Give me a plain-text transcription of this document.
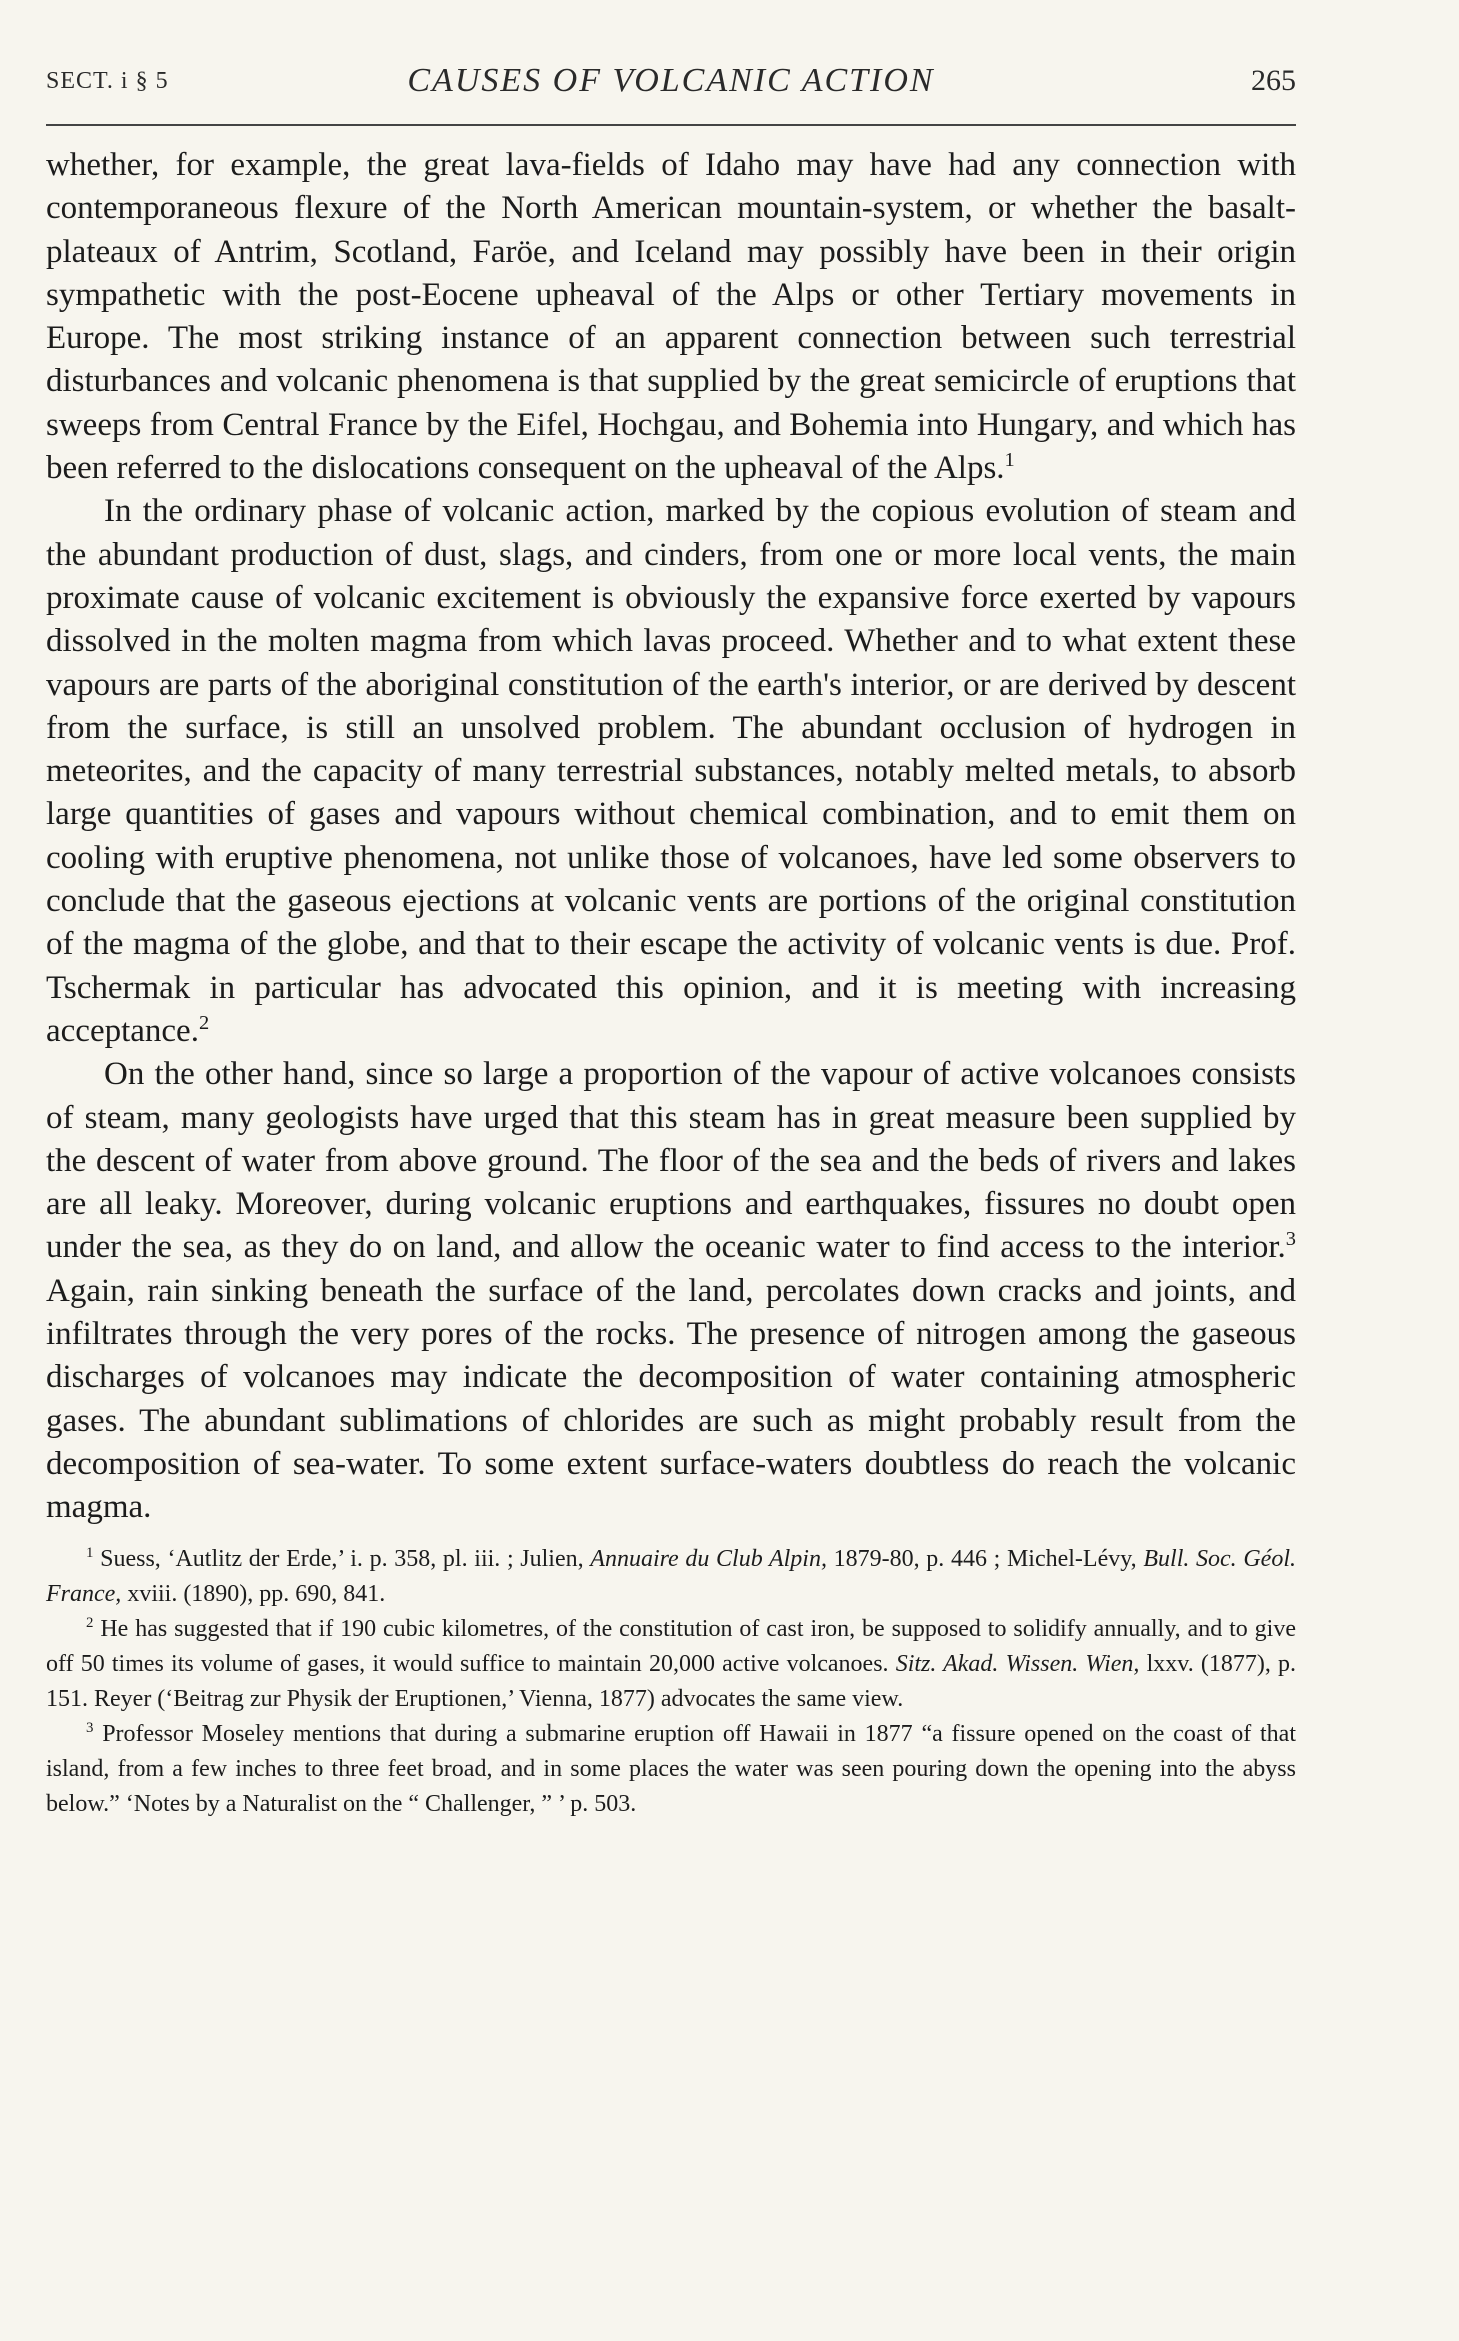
SECT. i § 5	CAUSES OF VOLCANIC ACTION	265

whether, for example, the great lava-fields of Idaho may have had any connection with contemporaneous flexure of the North American mountain-system, or whether the basalt-plateaux of Antrim, Scotland, Faröe, and Iceland may possibly have been in their origin sympathetic with the post-Eocene upheaval of the Alps or other Tertiary movements in Europe. The most striking instance of an apparent connection between such terrestrial disturbances and volcanic phenomena is that supplied by the great semicircle of eruptions that sweeps from Central France by the Eifel, Hochgau, and Bohemia into Hungary, and which has been referred to the dislocations consequent on the upheaval of the Alps.$^1$

In the ordinary phase of volcanic action, marked by the copious evolution of steam and the abundant production of dust, slags, and cinders, from one or more local vents, the main proximate cause of volcanic excitement is obviously the expansive force exerted by vapours dissolved in the molten magma from which lavas proceed. Whether and to what extent these vapours are parts of the aboriginal constitution of the earth's interior, or are derived by descent from the surface, is still an unsolved problem. The abundant occlusion of hydrogen in meteorites, and the capacity of many terrestrial substances, notably melted metals, to absorb large quantities of gases and vapours without chemical combination, and to emit them on cooling with eruptive phenomena, not unlike those of volcanoes, have led some observers to conclude that the gaseous ejections at volcanic vents are portions of the original constitution of the magma of the globe, and that to their escape the activity of volcanic vents is due. Prof. Tschermak in particular has advocated this opinion, and it is meeting with increasing acceptance.$^2$

On the other hand, since so large a proportion of the vapour of active volcanoes consists of steam, many geologists have urged that this steam has in great measure been supplied by the descent of water from above ground. The floor of the sea and the beds of rivers and lakes are all leaky. Moreover, during volcanic eruptions and earthquakes, fissures no doubt open under the sea, as they do on land, and allow the oceanic water to find access to the interior.$^3$ Again, rain sinking beneath the surface of the land, percolates down cracks and joints, and infiltrates through the very pores of the rocks. The presence of nitrogen among the gaseous discharges of volcanoes may indicate the decomposition of water containing atmospheric gases. The abundant sublimations of chlorides are such as might probably result from the decomposition of sea-water. To some extent surface-waters doubtless do reach the volcanic magma.

$^1$ Suess, ‘Autlitz der Erde,’ i. p. 358, pl. iii. ; Julien, Annuaire du Club Alpin, 1879-80, p. 446 ; Michel-Lévy, Bull. Soc. Géol. France, xviii. (1890), pp. 690, 841.

$^2$ He has suggested that if 190 cubic kilometres, of the constitution of cast iron, be supposed to solidify annually, and to give off 50 times its volume of gases, it would suffice to maintain 20,000 active volcanoes. Sitz. Akad. Wissen. Wien, lxxv. (1877), p. 151. Reyer (‘Beitrag zur Physik der Eruptionen,’ Vienna, 1877) advocates the same view.

$^3$ Professor Moseley mentions that during a submarine eruption off Hawaii in 1877 “a fissure opened on the coast of that island, from a few inches to three feet broad, and in some places the water was seen pouring down the opening into the abyss below.” ‘Notes by a Naturalist on the “ Challenger, ” ’ p. 503.
